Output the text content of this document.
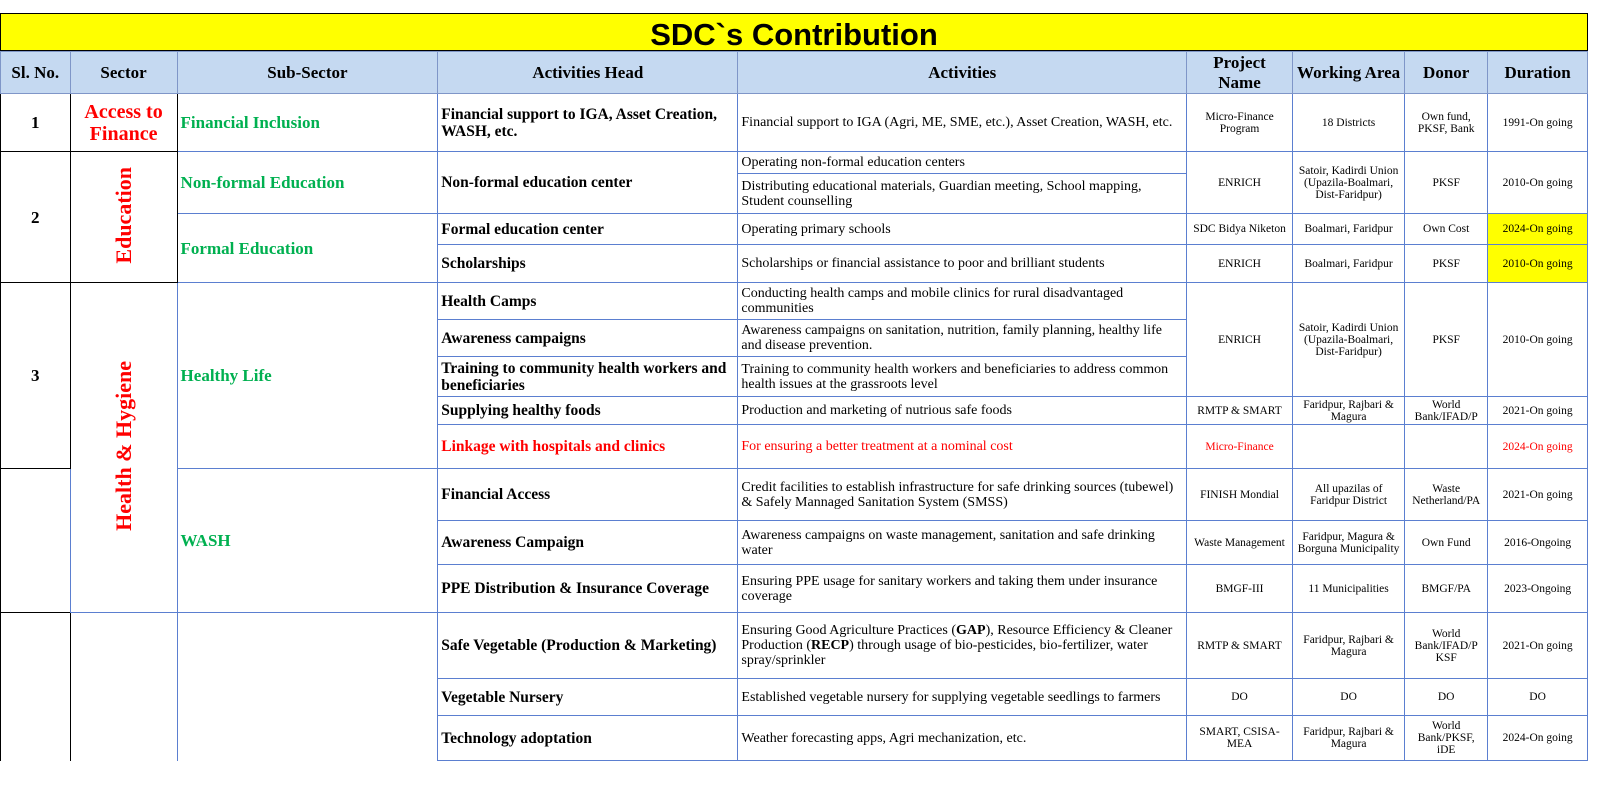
SDC`s Contribution
Sl. No.	Sector	Sub-Sector	Activities Head	Activities	Project Name	Working Area	Donor	Duration
1	Access to Finance	Financial Inclusion	Financial support to IGA, Asset Creation, WASH, etc.	Financial support to IGA (Agri, ME, SME, etc.), Asset Creation, WASH, etc.	Micro-Finance Program	18 Districts	Own fund, PKSF, Bank	1991-On going
2	Education	Non-formal Education	Non-formal education center	Operating non-formal education centers	ENRICH	Satoir, Kadirdi Union (Upazila-Boalmari, Dist-Faridpur)	PKSF	2010-On going
				Distributing educational materials, Guardian meeting, School mapping, Student counselling				
		Formal Education	Formal education center	Operating primary schools	SDC Bidya Niketon	Boalmari, Faridpur	Own Cost	2024-On going
			Scholarships	Scholarships or financial assistance to poor and brilliant students	ENRICH	Boalmari, Faridpur	PKSF	2010-On going
3	Health & Hygiene	Healthy Life	Health Camps	Conducting health camps and mobile clinics for rural disadvantaged communities	ENRICH	Satoir, Kadirdi Union (Upazila-Boalmari, Dist-Faridpur)	PKSF	2010-On going
			Awareness campaigns	Awareness campaigns on sanitation, nutrition, family planning, healthy life and disease prevention.				
			Training to community health workers and beneficiaries	Training to community health workers and beneficiaries to address common health issues at the grassroots level				
			Supplying healthy foods	Production and marketing of nutrious safe foods	RMTP & SMART	Faridpur, Rajbari & Magura	World Bank/IFAD/P	2021-On going
			Linkage with hospitals and clinics	For ensuring a better treatment at a nominal cost	Micro-Finance			2024-On going
		WASH	Financial Access	Credit facilities to establish infrastructure for safe drinking sources (tubewel) & Safely Mannaged Sanitation System (SMSS)	FINISH Mondial	All upazilas of Faridpur District	Waste Netherland/PA	2021-On going
			Awareness Campaign	Awareness campaigns on waste management, sanitation and safe drinking water	Waste Management	Faridpur, Magura & Borguna Municipality	Own Fund	2016-Ongoing
			PPE Distribution & Insurance Coverage	Ensuring PPE usage for sanitary workers and taking them under insurance coverage	BMGF-III	11 Municipalities	BMGF/PA	2023-Ongoing
			Safe Vegetable (Production & Marketing)	Ensuring Good Agriculture Practices (GAP), Resource Efficiency & Cleaner Production (RECP) through usage of bio-pesticides, bio-fertilizer, water spray/sprinkler	RMTP & SMART	Faridpur, Rajbari & Magura	World Bank/IFAD/P KSF	2021-On going
			Vegetable Nursery	Established vegetable nursery for supplying vegetable seedlings to farmers	DO	DO	DO	DO
			Technology adoptation	Weather forecasting apps, Agri mechanization, etc.	SMART, CSISA-MEA	Faridpur, Rajbari & Magura	World Bank/PKSF, iDE	2024-On going
